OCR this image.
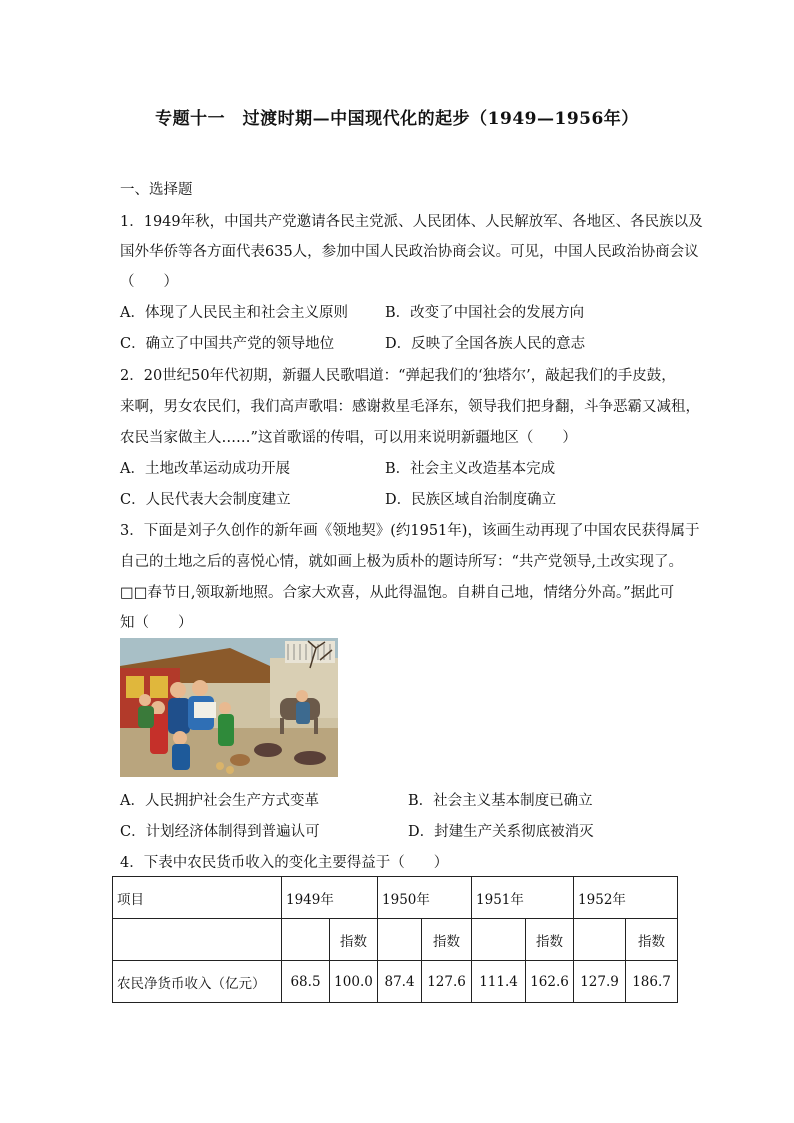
专题十一　过渡时期—中国现代化的起步（1949—1956年）
一、选择题
1．1949年秋，中国共产党邀请各民主党派、人民团体、人民解放军、各地区、各民族以及
国外华侨等各方面代表635人，参加中国人民政治协商会议。可见，中国人民政治协商会议
（　　）
A．体现了人民民主和社会主义原则	B．改变了中国社会的发展方向
C．确立了中国共产党的领导地位	D．反映了全国各族人民的意志
2．20世纪50年代初期，新疆人民歌唱道：“弹起我们的‘独塔尔’，敲起我们的手皮鼓，
来啊，男女农民们，我们高声歌唱：感谢救星毛泽东，领导我们把身翻，斗争恶霸又减租，
农民当家做主人……”这首歌谣的传唱，可以用来说明新疆地区（　　）
A．土地改革运动成功开展	B．社会主义改造基本完成
C．人民代表大会制度建立	D．民族区域自治制度确立
3．下面是刘子久创作的新年画《领地契》(约1951年)，该画生动再现了中国农民获得属于
自己的土地之后的喜悦心情，就如画上极为质朴的题诗所写：“共产党领导,土改实现了。
□□春节日,领取新地照。合家大欢喜，从此得温饱。自耕自己地，情绪分外高。”据此可
知（　　）
A．人民拥护社会生产方式变革	B．社会主义基本制度已确立
C．计划经济体制得到普遍认可	D．封建生产关系彻底被消灭
4．下表中农民货币收入的变化主要得益于（　　）
项目	1949年		1950年		1951年		1952年	
		指数		指数		指数		指数
农民净货币收入（亿元）	68.5	100.0	87.4	127.6	111.4	162.6	127.9	186.7
